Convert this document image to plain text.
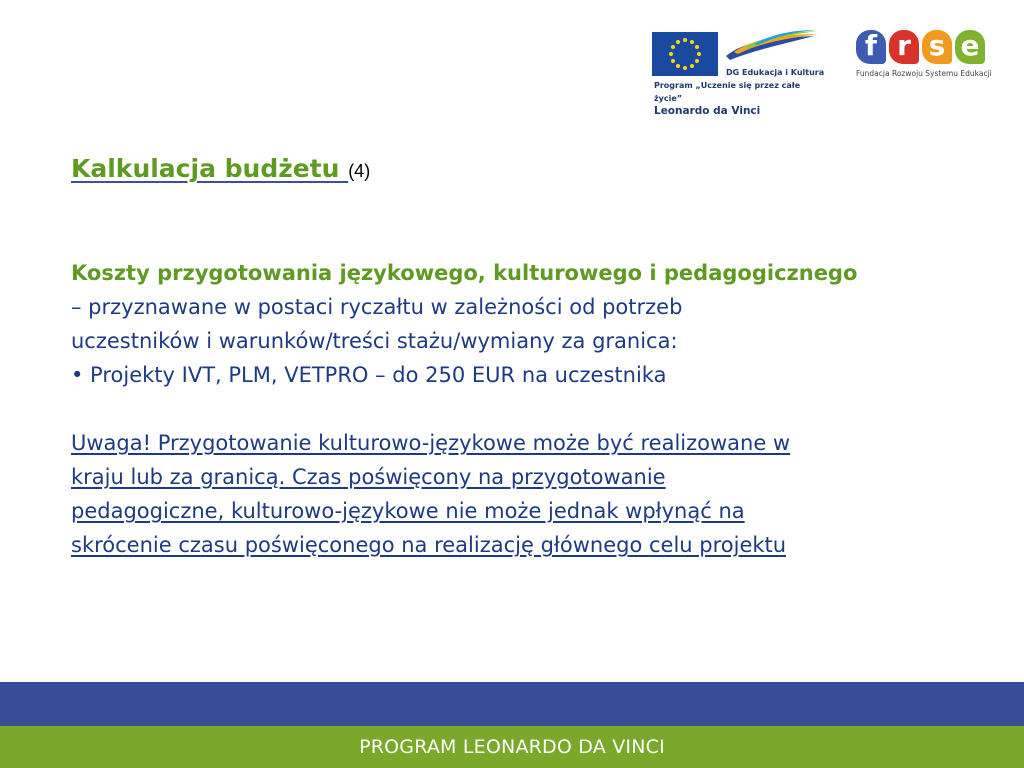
DG Edukacja i Kultura
Program „Uczenie się przez całe życie”
Leonardo da Vinci
f r s e
Fundacja Rozwoju Systemu Edukacji
Kalkulacja budżetu (4)
Koszty przygotowania językowego, kulturowego i pedagogicznego
– przyznawane w postaci ryczałtu w zależności od potrzeb
uczestników i warunków/treści stażu/wymiany za granica:
• Projekty IVT, PLM, VETPRO – do 250 EUR na uczestnika
Uwaga! Przygotowanie kulturowo-językowe może być realizowane w
kraju lub za granicą. Czas poświęcony na przygotowanie
pedagogiczne, kulturowo-językowe nie może jednak wpłynąć na
skrócenie czasu poświęconego na realizację głównego celu projektu
PROGRAM LEONARDO DA VINCI
